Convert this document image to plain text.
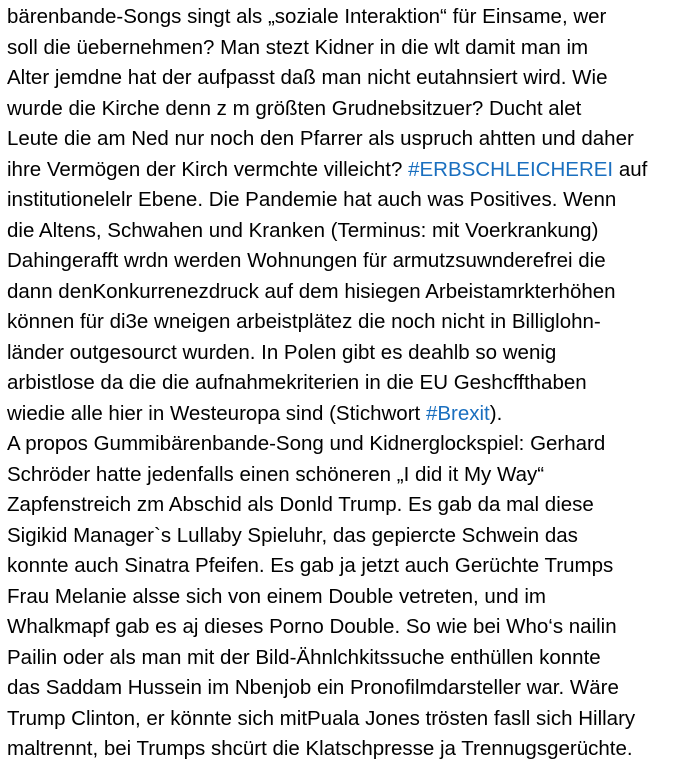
bärenbande-Songs singt als „soziale Interaktion“ für Einsame, wer
soll die üebernehmen? Man stezt Kidner in die wlt damit man im
Alter jemdne hat der aufpasst daß man nicht eutahnsiert wird. Wie
wurde die Kirche denn z m größten Grudnebsitzuer? Ducht alet
Leute die am Ned nur noch den Pfarrer als uspruch ahtten und daher
ihre Vermögen der Kirch vermchte villeicht? #ERBSCHLEICHEREI auf
institutionelelr Ebene. Die Pandemie hat auch was Positives. Wenn
die Altens, Schwahen und Kranken (Terminus: mit Voerkrankung)
Dahingerafft wrdn werden Wohnungen für armutzsuwnderefrei die
dann denKonkurrenezdruck auf dem hisiegen Arbeistamrkterhöhen
können für di3e wneigen arbeistplätez die noch nicht in Billiglohn-
länder outgesourct wurden. In Polen gibt es deahlb so wenig
arbistlose da die die aufnahmekriterien in die EU Geshcffthaben
wiedie alle hier in Westeuropa sind (Stichwort #Brexit).
A propos Gummibärenbande-Song und Kidnerglockspiel: Gerhard
Schröder hatte jedenfalls einen schöneren „I did it My Way“
Zapfenstreich zm Abschid als Donld Trump. Es gab da mal diese
Sigikid Manager`s Lullaby Spieluhr, das gepiercte Schwein das
konnte auch Sinatra Pfeifen. Es gab ja jetzt auch Gerüchte Trumps
Frau Melanie alsse sich von einem Double vetreten, und im
Whalkmapf gab es aj dieses Porno Double. So wie bei Who‘s nailin
Pailin oder als man mit der Bild-Ähnlchkitssuche enthüllen konnte
das Saddam Hussein im Nbenjob ein Pronofilmdarsteller war. Wäre
Trump Clinton, er könnte sich mitPuala Jones trösten fasll sich Hillary
maltrennt, bei Trumps shcürt die Klatschpresse ja Trennugsgerüchte.
